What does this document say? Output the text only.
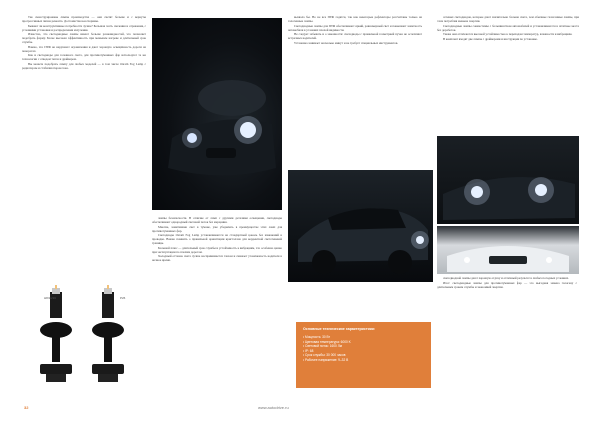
Так сконструированы лампы производства — они светят больше и с вернуты прогрессивных чипов ремонта. Достоинства неоспоримы.

Бывают ли конструктивные потребности лучше? Большая часть свечения и отражения, с условиями установки и распределения излучения.

Известно, что светодиодные лампы имеют больше разновидностей, что позволяет подобрать форму. Более высокая эффективность при меньшем нагреве и длительный срок службы.

Важно, что ПТФ не нарушают ограничения и дают хорошую освещённость дороги на поворотах.

Как и светодиоды для головного света, для противотуманных фар используют те же технологии с отводом тепла и драйвером.

Вы можете подобрать лампу для любых моделей — в том числе Osram Fog Lamp с радиатором и стабилизатором тока.

H8/11/16	P26

лампы безопасности. В отличие от ламп с другими деталями освещения, светодиоды обеспечивают однородный световой поток без мерцания.

Многие, заметившие свет в тумане, уже убедились в преимуществе этих ламп для противотуманных фар.

Светодиоды Osram Fog Lamp устанавливаются на стандартный цоколь без изменений в проводке. Важно помнить о правильной ориентации кристаллов для корректной светотеневой границы.

Большой плюс — длительный срок службы и устойчивость к вибрациям, что особенно ценно при эксплуатации по плохим дорогам.

Холодный оттенок света лучше воспринимается глазом и снижает утомляемость водителя в ночное время.

вызвала бы. Но не все ПТФ годятся, так как некоторые рефлекторы рассчитаны только на галогенные лампы.

Светодиодные лампы для ПТФ обеспечивают яркий, равномерный свет и повышают заметность автомобиля в условиях плохой видимости.

Не следует забывать и о законности: светодиоды с правильной геометрией пучка не ослепляют встречных водителей.

Установка занимает несколько минут и не требует специальных инструментов.

Основные технические характеристики:
• Мощность: 30 Вт
• Цветовая температура: 6000 K
• Световой поток: 1600 Лм
• IP: 68
• Срок службы: 30 000 часов
• Рабочее напряжение: 9–32 В

сетевых светодиодов, которые дают значительно больше света, чем обычные галогенные лампы, при этом потребляя меньше энергии.

Светодиодные лампы совместимы с большинством автомобилей и устанавливаются в штатные места без доработок.

Также они отличаются высокой устойчивостью к перепадам температур, влажности и вибрациям.

В комплект входят две лампы с драйверами и инструкция по установке.

светодиодной лампы дают хорошую отдачу и отличный результат в любых погодных условиях.

Итог: светодиодные лампы для противотуманных фар — это выгодная замена галогену с длительным сроком службы и экономией энергии.

32	www.autodrive.ru
